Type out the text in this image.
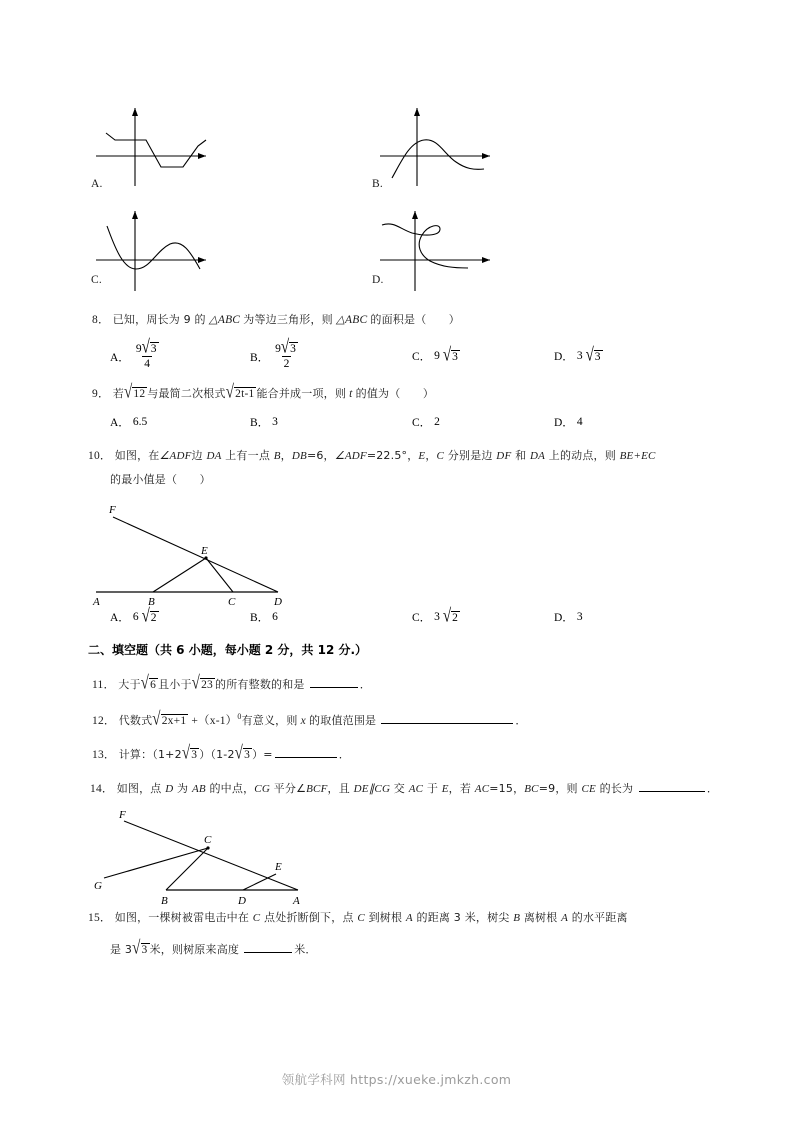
A.	B.
C.	D.
8． 已知，周长为 9 的 △ABC 为等边三角形，则 △ABC 的面积是（　　）
A． $\frac{9 √ 3}{4}$	B． $\frac{9 √ 3}{2}$	C． 9 √ 3	D． 3 √ 3
9． 若 √ 12 与最简二次根式 √ 2t-1 能合并成一项，则 t 的值为（　　）
A． 6.5	B． 3	C． 2	D． 4
10． 如图，在∠ADF边 DA 上有一点 B，DB=6，∠ADF=22.5°，E，C 分别是边 DF 和 DA 上的动点，则 BE+EC
的最小值是（　　）
F
E
A	B	C	D
A． 6 √ 2	B． 6	C． 3 √ 2	D． 3
二、填空题（共 6 小题，每小题 2 分，共 12 分.）
11． 大于 √ 6 且小于 √ 23 的所有整数的和是	．
12． 代数式 √ $2x+1 +(x-1)^0$有意义，则 x 的取值范围是	．
13． 计算：（1+2 √ 3 ）（1-2 √ 3 ）=	．
14． 如图，点 D 为 AB 的中点，CG 平分∠BCF，且 DE∥CG 交 AC 于 E，若 AC=15，BC=9，则 CE 的长为	．
F
C
G
B	D
E
A
15． 如图，一棵树被雷电击中在 C 点处折断倒下，点 C 到树根 A 的距离 3 米，树尖 B 离树根 A 的水平距离
是 3 √ 3 米，则树原来高度	米．
领航学科网 https://xueke.jmkzh.com
